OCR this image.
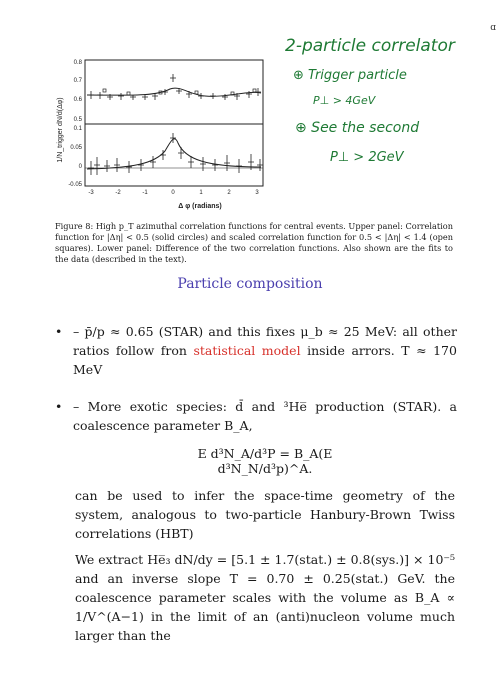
ɑ
1/N_trigger dN/d(Δφ)
0.8
0.7
0.6
0.5
0.1
0.05
0
-0.05
-3	-2	-1	0	1	2	3
Δ φ (radians)
2-particle correlator
⊕ Trigger particle
P⊥ > 4GeV
⊕ See the second
P⊥ > 2GeV
Figure 8: High p_T azimuthal correlation functions for central events. Upper panel: Correlation function for |Δη| < 0.5 (solid circles) and scaled correlation function for 0.5 < |Δη| < 1.4 (open squares). Lower panel: Difference of the two correlation functions. Also shown are the fits to the data (described in the text).
Particle composition
• – p̄/p ≈ 0.65 (STAR) and this fixes μ_b ≈ 25 MeV: all other ratios follow fron statistical model inside arrors. T ≈ 170 MeV
• – More exotic species: d̄ and ³He̅ production (STAR). a coalescence parameter B_A,
E d³N_A/d³P = B_A(E d³N_N/d³p)^A.
can be used to infer the space-time geometry of the system, analogous to two-particle Hanbury-Brown Twiss correlations (HBT)
We extract He̅₃ dN/dy = [5.1 ± 1.7(stat.) ± 0.8(sys.)] × 10⁻⁵ and an inverse slope T = 0.70 ± 0.25(stat.) GeV. the coalescence parameter scales with the volume as B_A ∝ 1/V^(A−1) in the limit of an (anti)nucleon volume much larger than the
